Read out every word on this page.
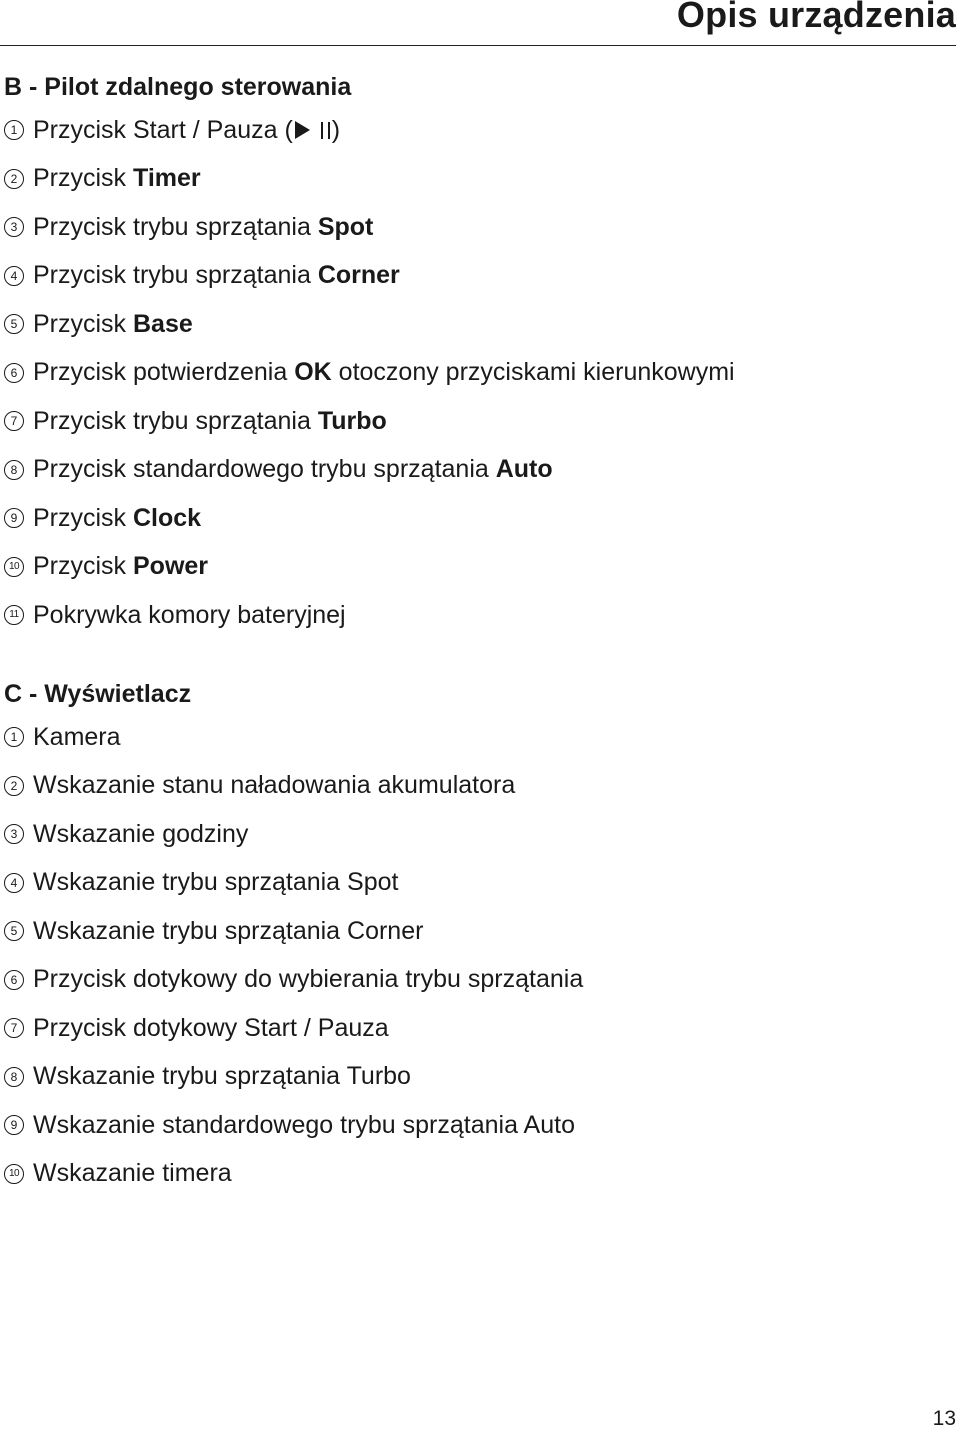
Opis urządzenia
B - Pilot zdalnego sterowania
1 Przycisk Start / Pauza ( )
2 Przycisk Timer
3 Przycisk trybu sprzątania Spot
4 Przycisk trybu sprzątania Corner
5 Przycisk Base
6 Przycisk potwierdzenia OK otoczony przyciskami kierunkowymi
7 Przycisk trybu sprzątania Turbo
8 Przycisk standardowego trybu sprzątania Auto
9 Przycisk Clock
10 Przycisk Power
11 Pokrywka komory bateryjnej
C - Wyświetlacz
1 Kamera
2 Wskazanie stanu naładowania akumulatora
3 Wskazanie godziny
4 Wskazanie trybu sprzątania Spot
5 Wskazanie trybu sprzątania Corner
6 Przycisk dotykowy do wybierania trybu sprzątania
7 Przycisk dotykowy Start / Pauza
8 Wskazanie trybu sprzątania Turbo
9 Wskazanie standardowego trybu sprzątania Auto
10 Wskazanie timera

13
